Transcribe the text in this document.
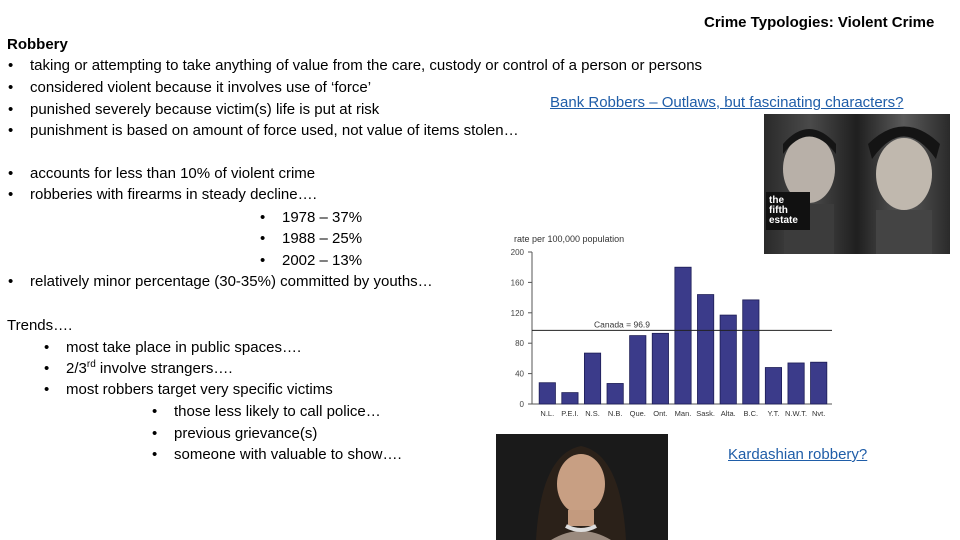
Crime Typologies: Violent Crime
Robbery
• taking or attempting to take anything of value from the care, custody or control of a person or persons
• considered violent because it involves use of ‘force’
• punished severely because victim(s) life is put at risk
• punishment is based on amount of force used, not value of items stolen…
Bank Robbers – Outlaws, but fascinating characters?
• accounts for less than 10% of violent crime
• robberies with firearms in steady decline….
• 1978 – 37%
• 1988 – 25%
• 2002 – 13%
• relatively minor percentage (30-35%) committed by youths…
Trends….
• most take place in public spaces….
• 2/3rd involve strangers….
• most robbers target very specific victims
• those less likely to call police…
• previous grievance(s)
• someone with valuable to show….
the
fifth
estate
rate per 100,000 population
0
40
80
120
160
200
N.L. P.E.I. N.S. N.B. Que. Ont. Man. Sask. Alta. B.C. Y.T. N.W.T. Nvt.
Canada = 96.9
Kardashian robbery?
